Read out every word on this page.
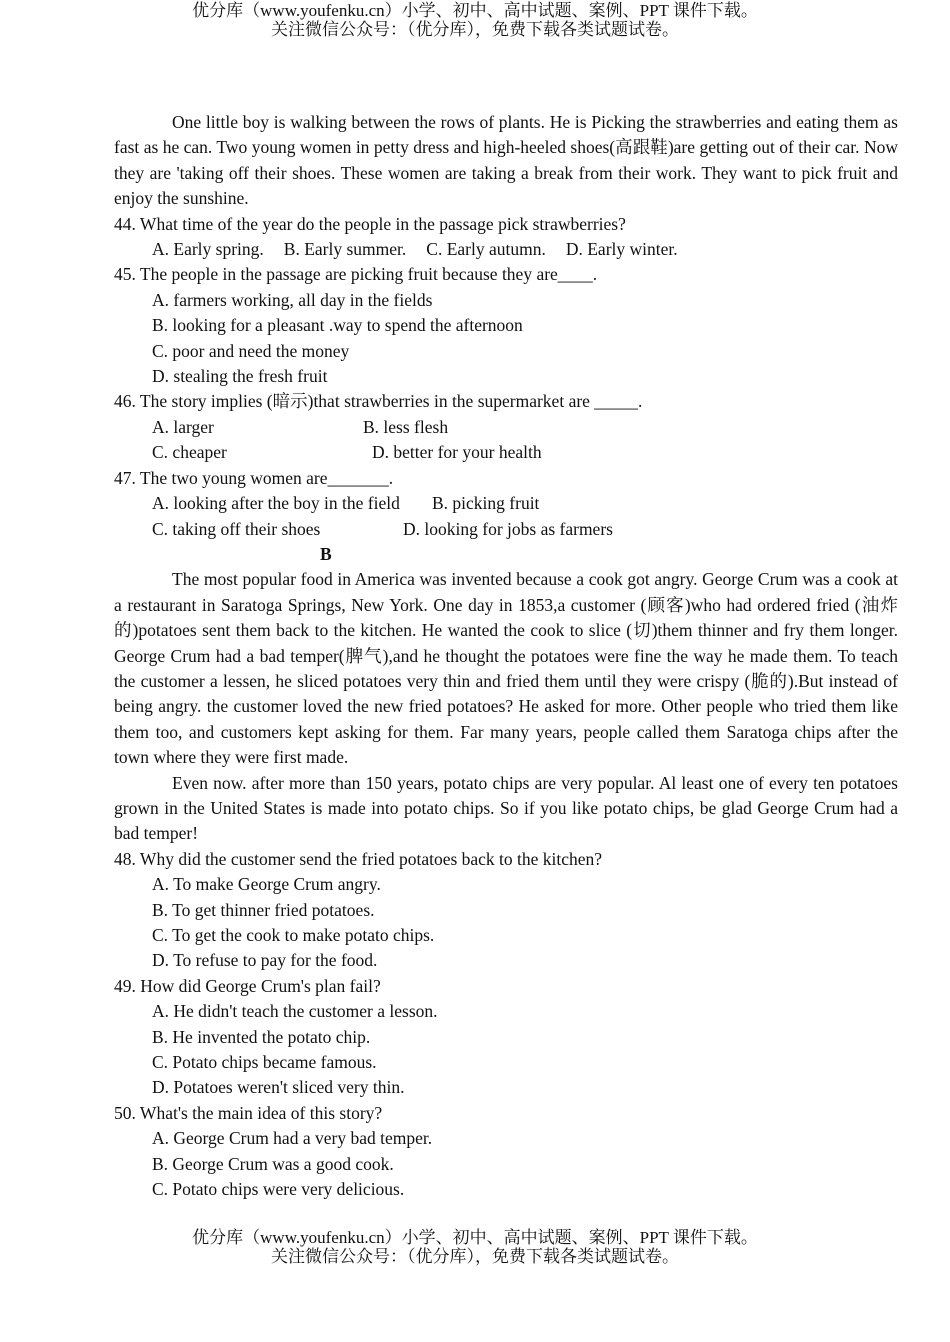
优分库（www.youfenku.cn）小学、初中、高中试题、案例、PPT 课件下载。
关注微信公众号：（优分库），免费下载各类试题试卷。

One little boy is walking between the rows of plants. He is Picking the strawberries and eating them as fast as he can. Two young women in petty dress and high-heeled shoes(高跟鞋)are getting out of their car. Now they are 'taking off their shoes. These women are taking a break from their work. They want to pick fruit and enjoy the sunshine.

44. What time of the year do the people in the passage pick strawberries?

A. Early spring. B. Early summer. C. Early autumn. D. Early winter.

45. The people in the passage are picking fruit because they are____.

A. farmers working, all day in the fields

B. looking for a pleasant .way to spend the afternoon

C. poor and need the money

D. stealing the fresh fruit

46. The story implies (暗示)that strawberries in the supermarket are _____.

A. larger	B. less flesh

C. cheaper	D. better for your health

47. The two young women are_______.

A. looking after the boy in the field B. picking fruit

C. taking off their shoes	D. looking for jobs as farmers

B

The most popular food in America was invented because a cook got angry. George Crum was a cook at a restaurant in Saratoga Springs, New York. One day in 1853,a customer (顾客)who had ordered fried (油炸的)potatoes sent them back to the kitchen. He wanted the cook to slice (切)them thinner and fry them longer. George Crum had a bad temper(脾气),and he thought the potatoes were fine the way he made them. To teach the customer a lessen, he sliced potatoes very thin and fried them until they were crispy (脆的).But instead of being angry. the customer loved the new fried potatoes? He asked for more. Other people who tried them like them too, and customers kept asking for them. Far many years, people called them Saratoga chips after the town where they were first made.

Even now. after more than 150 years, potato chips are very popular. Al least one of every ten potatoes grown in the United States is made into potato chips. So if you like potato chips, be glad George Crum had a bad temper!

48. Why did the customer send the fried potatoes back to the kitchen?

A. To make George Crum angry.

B. To get thinner fried potatoes.

C. To get the cook to make potato chips.

D. To refuse to pay for the food.

49. How did George Crum's plan fail?

A. He didn't teach the customer a lesson.

B. He invented the potato chip.

C. Potato chips became famous.

D. Potatoes weren't sliced very thin.

50. What's the main idea of this story?

A. George Crum had a very bad temper.

B. George Crum was a good cook.

C. Potato chips were very delicious.

优分库（www.youfenku.cn）小学、初中、高中试题、案例、PPT 课件下载。
关注微信公众号：（优分库），免费下载各类试题试卷。
